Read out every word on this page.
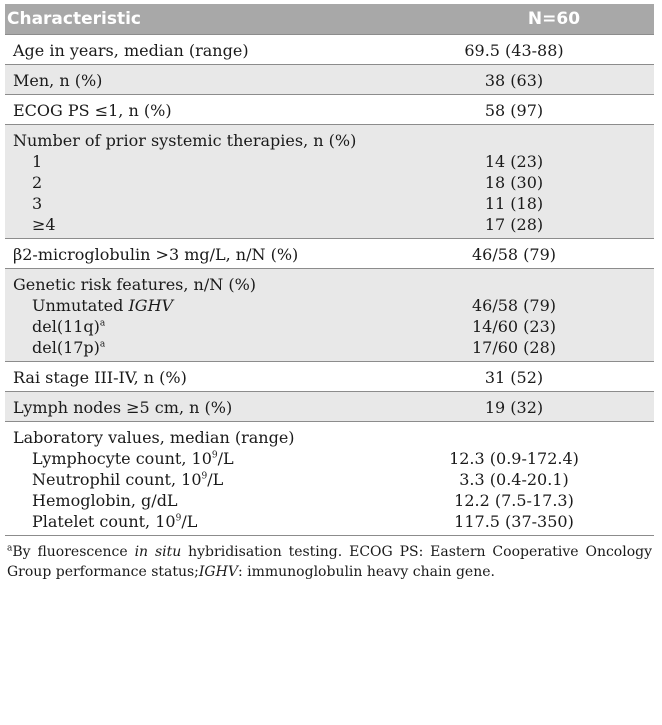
Characteristic	N=60
Age in years, median (range)	69.5 (43-88)
Men, n (%)	38 (63)
ECOG PS ≤1, n (%)	58 (97)
Number of prior systemic therapies, n (%)
1	14 (23)
2	18 (30)
3	11 (18)
≥4	17 (28)
β2-microglobulin >3 mg/L, n/N (%)	46/58 (79)
Genetic risk features, n/N (%)
Unmutated IGHV	46/58 (79)
$del(11q)^a$	14/60 (23)
$del(17p)^a$	17/60 (28)
Rai stage III-IV, n (%)	31 (52)
Lymph nodes ≥5 cm, n (%)	19 (32)
Laboratory values, median (range)
Lymphocyte count, $10^9/L$	12.3 (0.9-172.4)
Neutrophil count, $10^9/L$	3.3 (0.4-20.1)
Hemoglobin, g/dL	12.2 (7.5-17.3)
Platelet count, $10^9/L$	117.5 (37-350)
$^a$By fluorescence in situ hybridisation testing. ECOG PS: Eastern Cooperative Oncology Group performance status;IGHV: immunoglobulin heavy chain gene.
